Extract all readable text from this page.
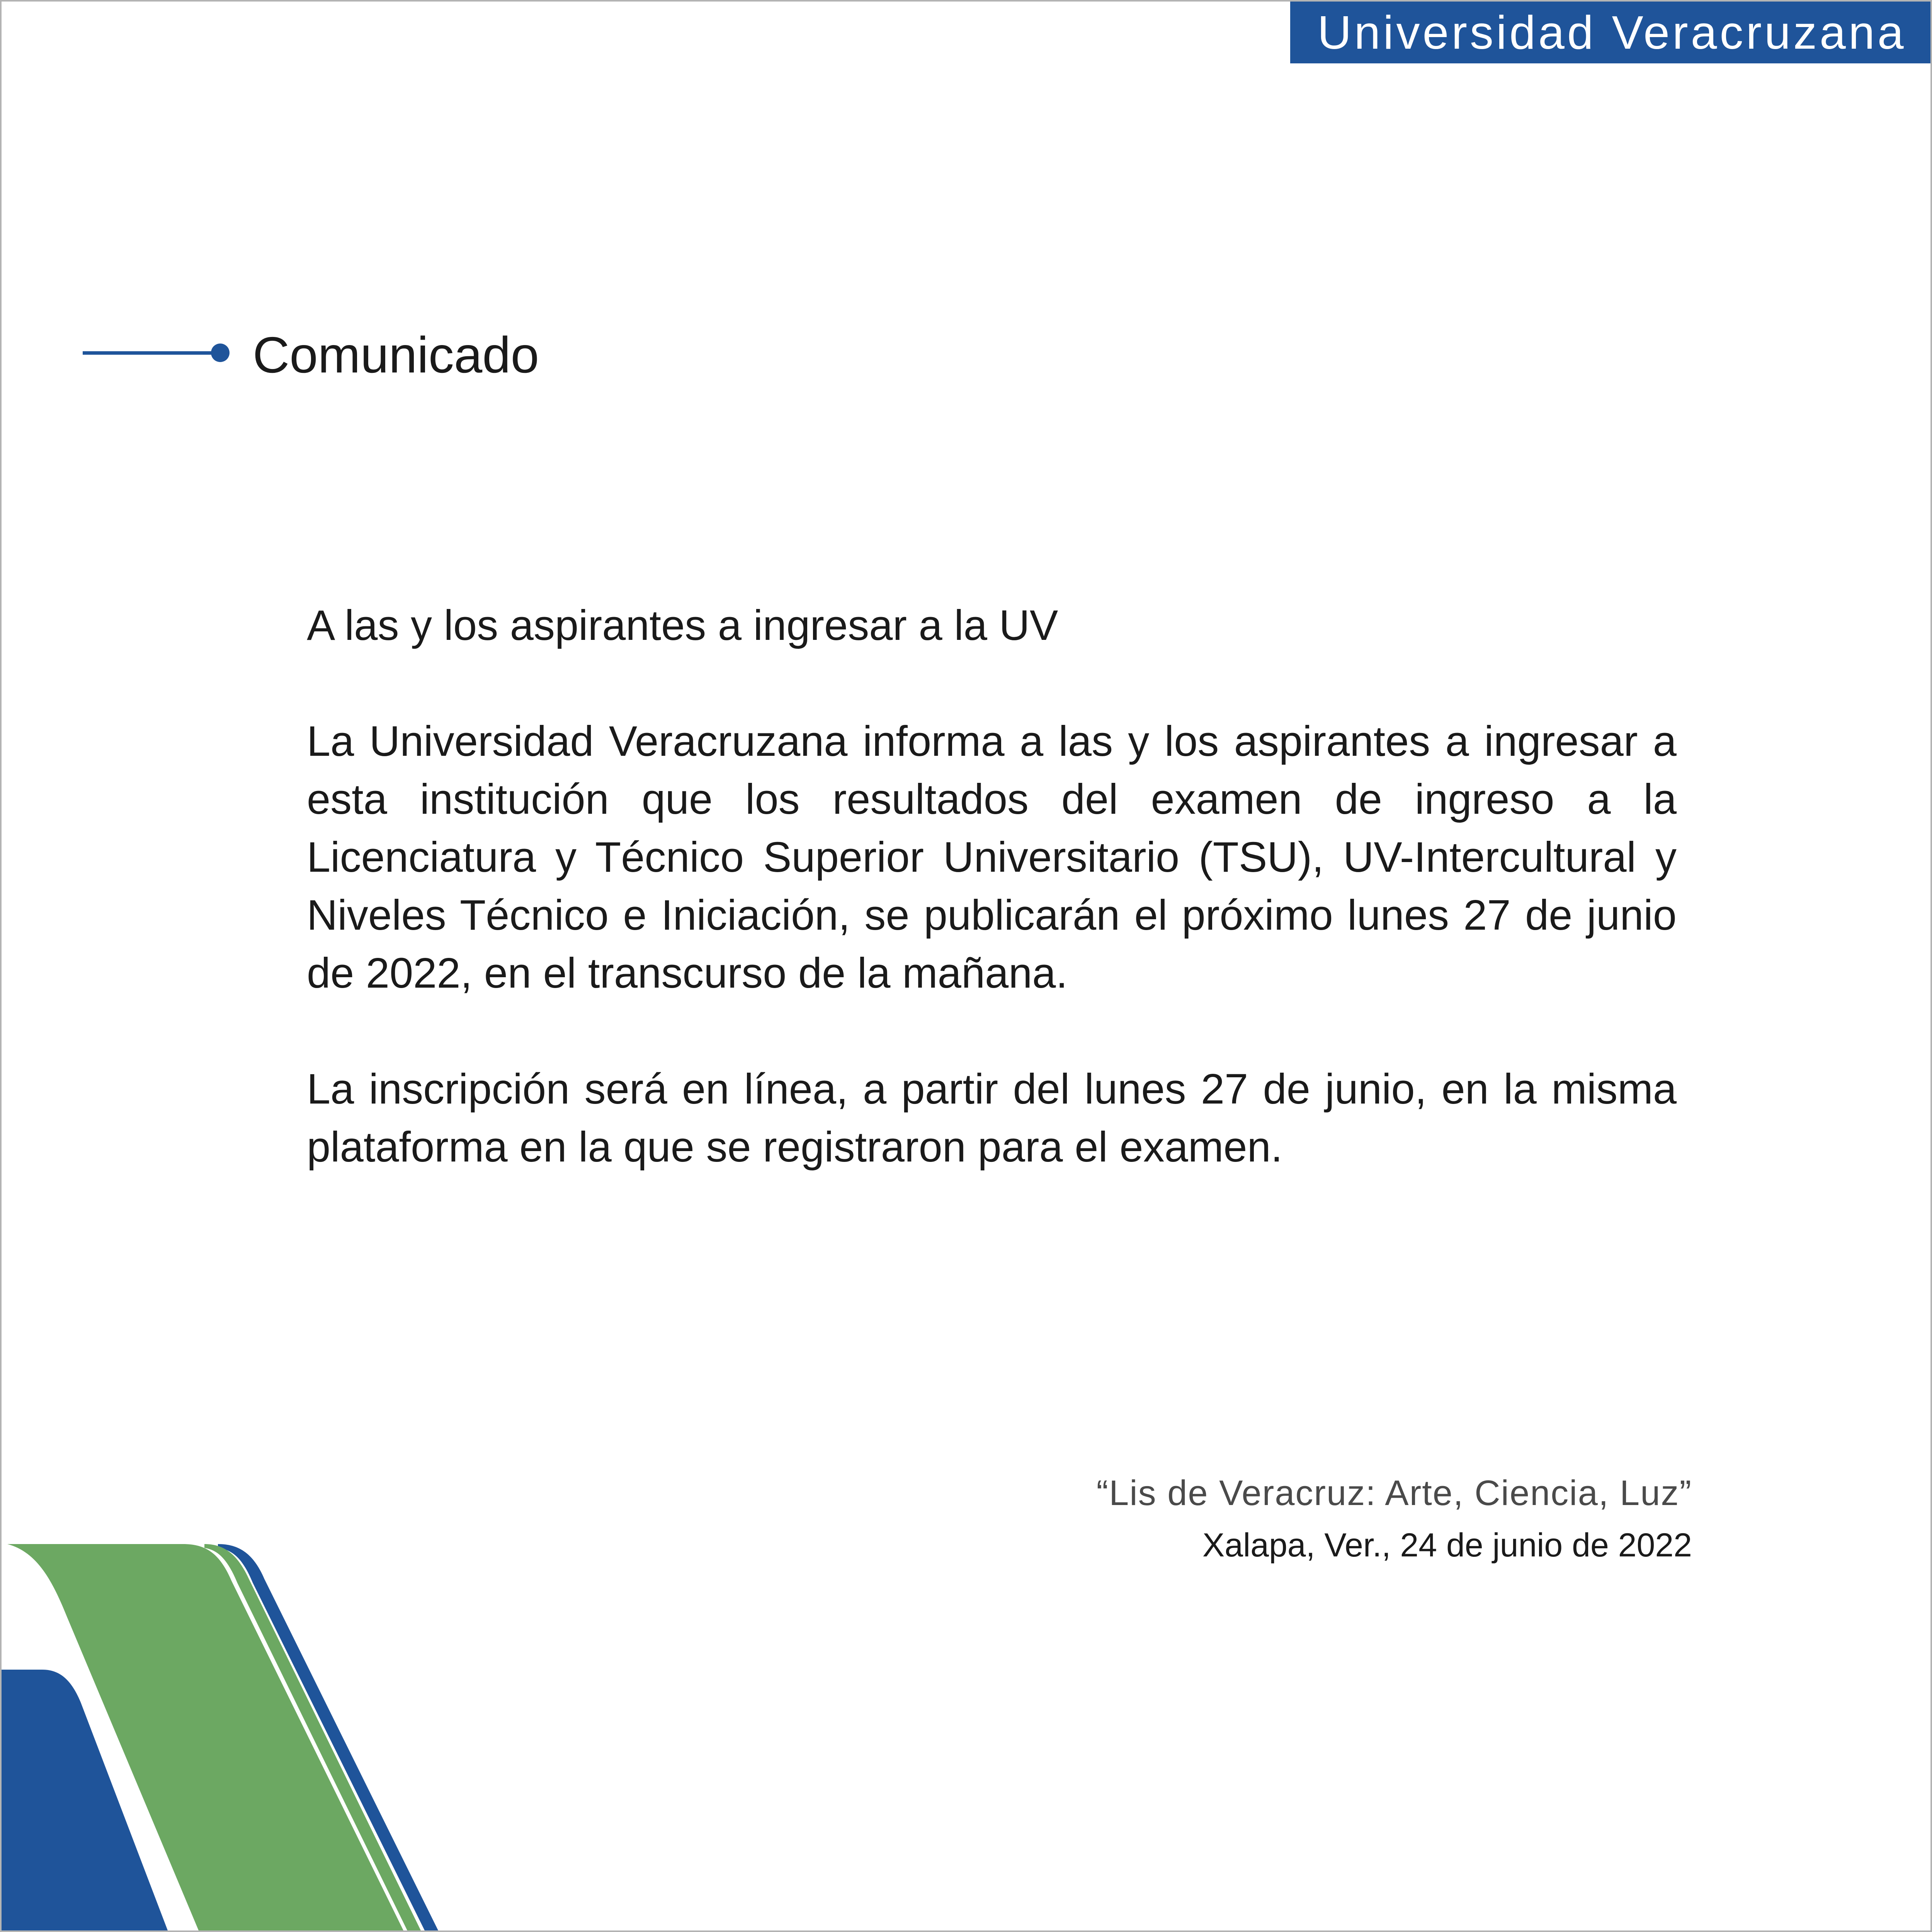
Universidad Veracruzana
Comunicado

A las y los aspirantes a ingresar a la UV

La Universidad Veracruzana informa a las y los aspirantes a ingresar a esta institución que los resultados del examen de ingreso a la Licenciatura y Técnico Superior Universitario (TSU), UV-Intercultural y Niveles Técnico e Iniciación, se publicarán el próximo lunes 27 de junio de 2022, en el transcurso de la mañana.

La inscripción será en línea, a partir del lunes 27 de junio, en la misma plataforma en la que se registraron para el examen.

“Lis de Veracruz: Arte, Ciencia, Luz”
Xalapa, Ver., 24 de junio de 2022
